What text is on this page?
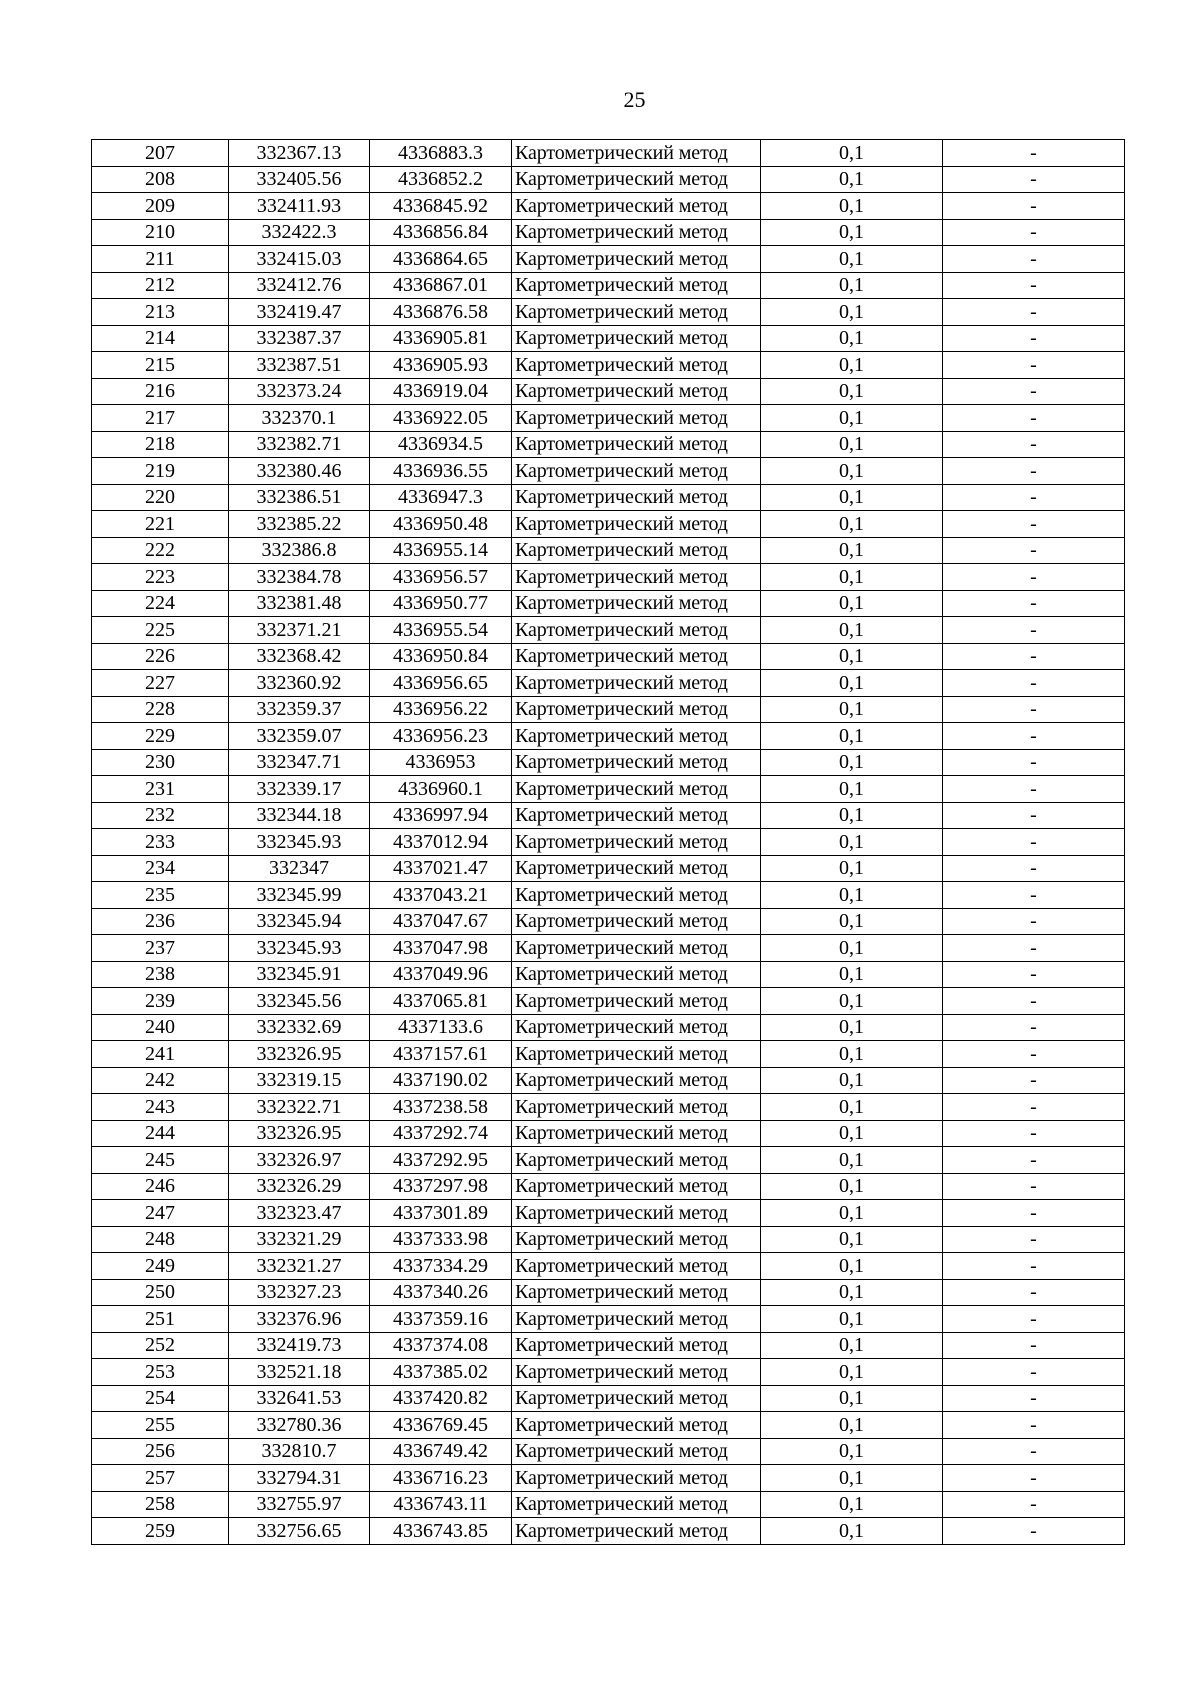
25
207	332367.13	4336883.3	Картометрический метод	0,1	-
208	332405.56	4336852.2	Картометрический метод	0,1	-
209	332411.93	4336845.92	Картометрический метод	0,1	-
210	332422.3	4336856.84	Картометрический метод	0,1	-
211	332415.03	4336864.65	Картометрический метод	0,1	-
212	332412.76	4336867.01	Картометрический метод	0,1	-
213	332419.47	4336876.58	Картометрический метод	0,1	-
214	332387.37	4336905.81	Картометрический метод	0,1	-
215	332387.51	4336905.93	Картометрический метод	0,1	-
216	332373.24	4336919.04	Картометрический метод	0,1	-
217	332370.1	4336922.05	Картометрический метод	0,1	-
218	332382.71	4336934.5	Картометрический метод	0,1	-
219	332380.46	4336936.55	Картометрический метод	0,1	-
220	332386.51	4336947.3	Картометрический метод	0,1	-
221	332385.22	4336950.48	Картометрический метод	0,1	-
222	332386.8	4336955.14	Картометрический метод	0,1	-
223	332384.78	4336956.57	Картометрический метод	0,1	-
224	332381.48	4336950.77	Картометрический метод	0,1	-
225	332371.21	4336955.54	Картометрический метод	0,1	-
226	332368.42	4336950.84	Картометрический метод	0,1	-
227	332360.92	4336956.65	Картометрический метод	0,1	-
228	332359.37	4336956.22	Картометрический метод	0,1	-
229	332359.07	4336956.23	Картометрический метод	0,1	-
230	332347.71	4336953	Картометрический метод	0,1	-
231	332339.17	4336960.1	Картометрический метод	0,1	-
232	332344.18	4336997.94	Картометрический метод	0,1	-
233	332345.93	4337012.94	Картометрический метод	0,1	-
234	332347	4337021.47	Картометрический метод	0,1	-
235	332345.99	4337043.21	Картометрический метод	0,1	-
236	332345.94	4337047.67	Картометрический метод	0,1	-
237	332345.93	4337047.98	Картометрический метод	0,1	-
238	332345.91	4337049.96	Картометрический метод	0,1	-
239	332345.56	4337065.81	Картометрический метод	0,1	-
240	332332.69	4337133.6	Картометрический метод	0,1	-
241	332326.95	4337157.61	Картометрический метод	0,1	-
242	332319.15	4337190.02	Картометрический метод	0,1	-
243	332322.71	4337238.58	Картометрический метод	0,1	-
244	332326.95	4337292.74	Картометрический метод	0,1	-
245	332326.97	4337292.95	Картометрический метод	0,1	-
246	332326.29	4337297.98	Картометрический метод	0,1	-
247	332323.47	4337301.89	Картометрический метод	0,1	-
248	332321.29	4337333.98	Картометрический метод	0,1	-
249	332321.27	4337334.29	Картометрический метод	0,1	-
250	332327.23	4337340.26	Картометрический метод	0,1	-
251	332376.96	4337359.16	Картометрический метод	0,1	-
252	332419.73	4337374.08	Картометрический метод	0,1	-
253	332521.18	4337385.02	Картометрический метод	0,1	-
254	332641.53	4337420.82	Картометрический метод	0,1	-
255	332780.36	4336769.45	Картометрический метод	0,1	-
256	332810.7	4336749.42	Картометрический метод	0,1	-
257	332794.31	4336716.23	Картометрический метод	0,1	-
258	332755.97	4336743.11	Картометрический метод	0,1	-
259	332756.65	4336743.85	Картометрический метод	0,1	-
